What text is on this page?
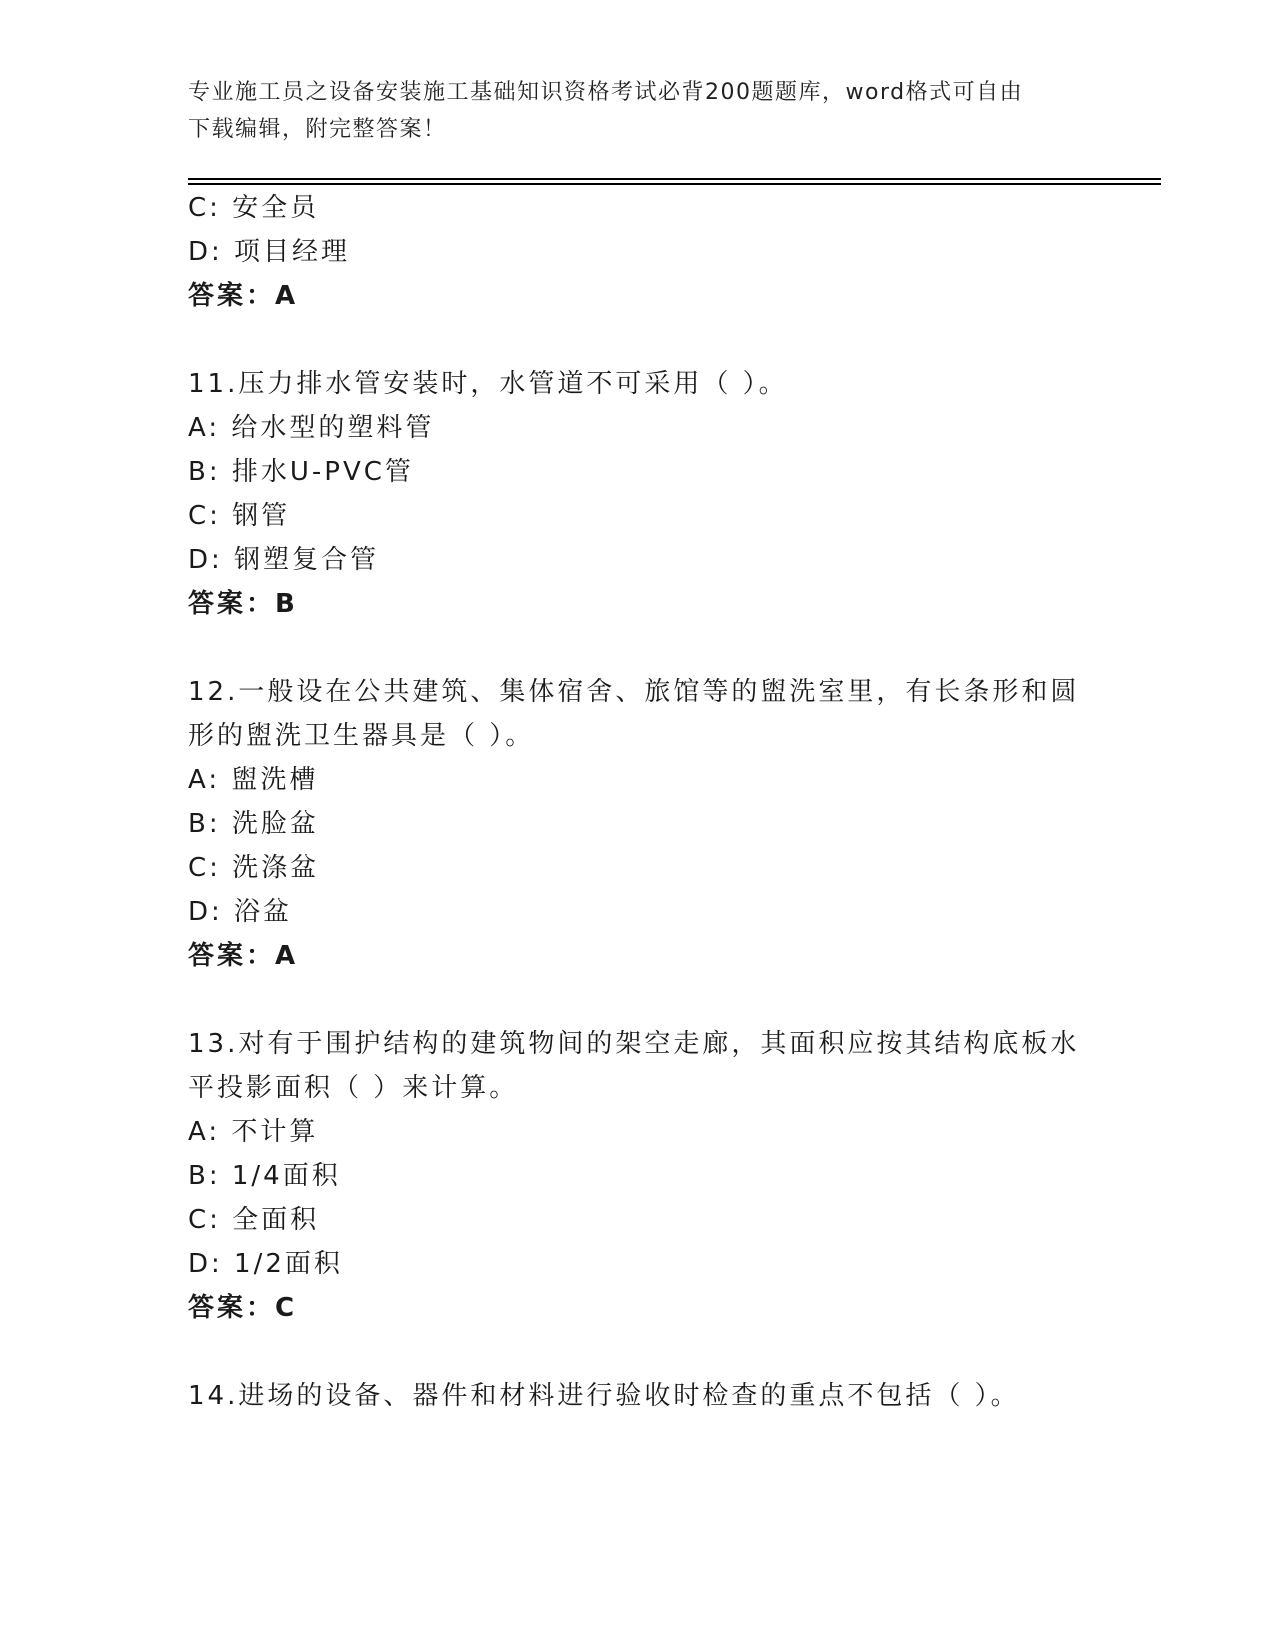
专业施工员之设备安装施工基础知识资格考试必背200题题库，word格式可自由
下载编辑，附完整答案！
C: 安全员
D: 项目经理
答案：A
11.压力排水管安装时，水管道不可采用（ ）。
A: 给水型的塑料管
B: 排水U-PVC管
C: 钢管
D: 钢塑复合管
答案：B
12.一般设在公共建筑、集体宿舍、旅馆等的盥洗室里，有长条形和圆
形的盥洗卫生器具是（ ）。
A: 盥洗槽
B: 洗脸盆
C: 洗涤盆
D: 浴盆
答案：A
13.对有于围护结构的建筑物间的架空走廊，其面积应按其结构底板水
平投影面积（ ）来计算。
A: 不计算
B: 1/4面积
C: 全面积
D: 1/2面积
答案：C
14.进场的设备、器件和材料进行验收时检查的重点不包括（ ）。
